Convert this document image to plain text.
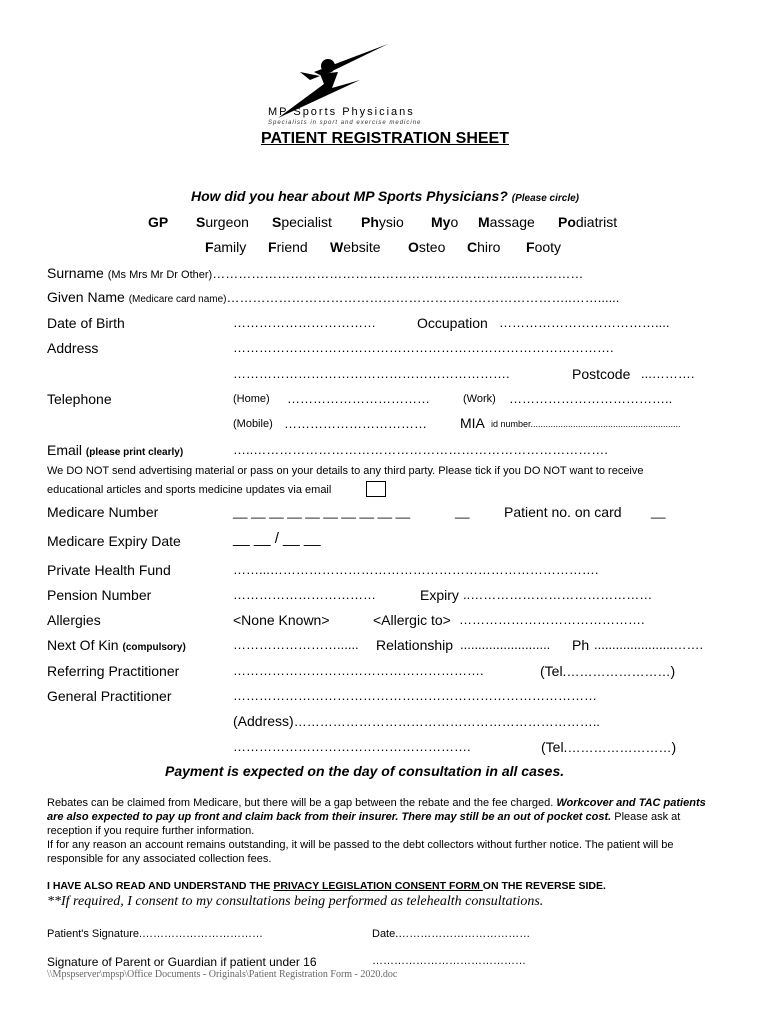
MP Sports Physicians
Specialists in sport and exercise medicine
PATIENT REGISTRATION SHEET
How did you hear about MP Sports Physicians? (Please circle)
GP Surgeon Specialist Physio Myo Massage Podiatrist
Family Friend Website Osteo Chiro Footy
Surname (Ms Mrs Mr Dr Other)……………………………………………………………..……………
Given Name (Medicare card name)……………………………………………………………………..……......
Date of Birth	……………………………	Occupation ………………………………....
Address	…………………………………………………………………………….
……………………………………………………….	Postcode ...……….
Telephone	(Home) ……………………………	(Work) ………………………………..
(Mobile) …………………………… MIA id number............................................................
Email (please print clearly)	…..……………………………………………………………………….
We DO NOT send advertising material or pass on your details to any third party. Please tick if you DO NOT want to receive
educational articles and sports medicine updates via email
Medicare Number	__ __ __ __ __ __ __ __ __ __	__ Patient no. on card __
Medicare Expiry Date	__ __ / __ __
Private Health Fund	……...………………………………………………………………….
Pension Number	……………………………	Expiry ..……………………………………
Allergies	<None Known>	<Allergic to> …………………………………….
Next Of Kin (compulsory)	……………………...... Relationship ......................... Ph ......................…….
Referring Practitioner	………………………………………………….	(Tel.……………………)
General Practitioner	…………………………………………………………………………
(Address)……………………………………………………………..
……………………………………………….	(Tel.……………………)
Payment is expected on the day of consultation in all cases.
Rebates can be claimed from Medicare, but there will be a gap between the rebate and the fee charged. Workcover and TAC patients are also expected to pay up front and claim back from their insurer. There may still be an out of pocket cost. Please ask at reception if you require further information.
If for any reason an account remains outstanding, it will be passed to the debt collectors without further notice. The patient will be responsible for any associated collection fees.
I HAVE ALSO READ AND UNDERSTAND THE PRIVACY LEGISLATION CONSENT FORM ON THE REVERSE SIDE.
**If required, I consent to my consultations being performed as telehealth consultations.
Patient's Signature.……………………………	Date.………………………………
Signature of Parent or Guardian if patient under 16	……………………………………
\\Mpspserver\mpsp\Office Documents - Originals\Patient Registration Form - 2020.doc
